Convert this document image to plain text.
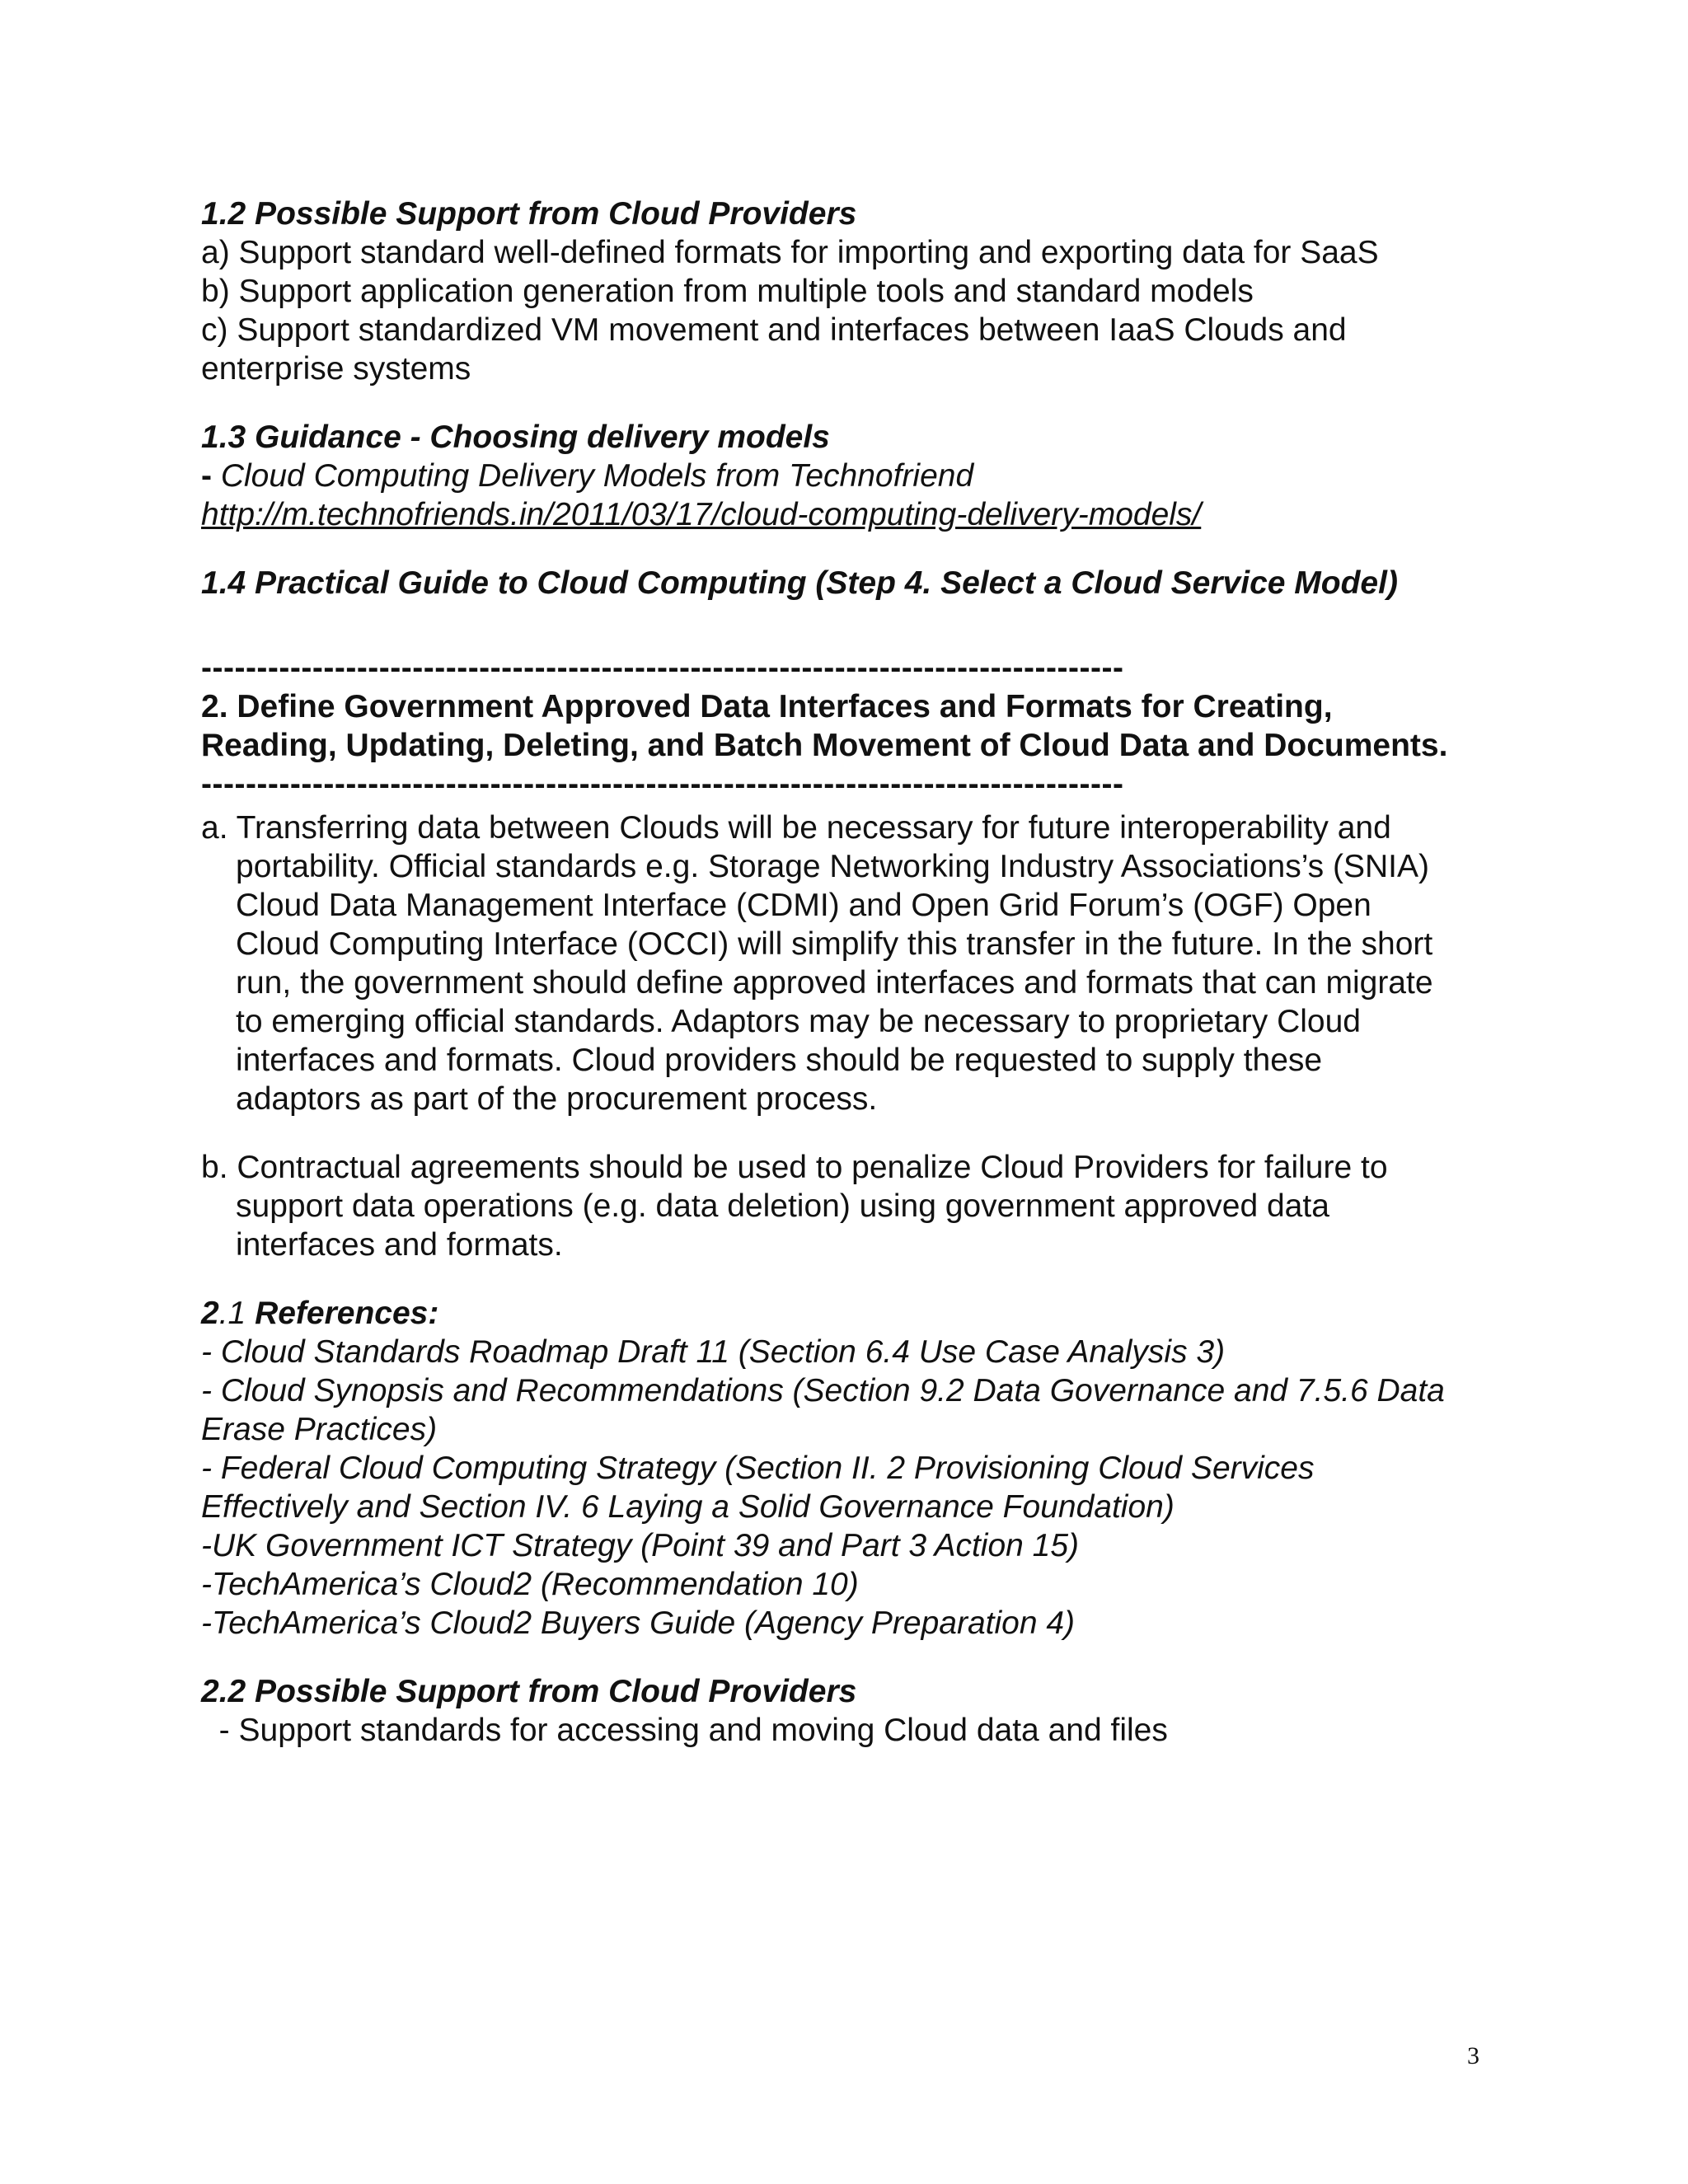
1.2 Possible Support from Cloud Providers
a) Support standard well-defined formats for importing and exporting data for SaaS
b) Support application generation from multiple tools and standard models
c) Support standardized VM movement and interfaces between IaaS Clouds and
enterprise systems
1.3 Guidance - Choosing delivery models
- Cloud Computing Delivery Models from Technofriend
http://m.technofriends.in/2011/03/17/cloud-computing-delivery-models/
1.4 Practical Guide to Cloud Computing (Step 4. Select a Cloud Service Model)
-----------------------------------------------------------------------------------
2. Define Government Approved Data Interfaces and Formats for Creating,
Reading, Updating, Deleting, and Batch Movement of Cloud Data and Documents.
-----------------------------------------------------------------------------------
a. Transferring data between Clouds will be necessary for future interoperability and
portability. Official standards e.g. Storage Networking Industry Associations’s (SNIA)
Cloud Data Management Interface (CDMI) and Open Grid Forum’s (OGF) Open
Cloud Computing Interface (OCCI) will simplify this transfer in the future. In the short
run, the government should define approved interfaces and formats that can migrate
to emerging official standards. Adaptors may be necessary to proprietary Cloud
interfaces and formats. Cloud providers should be requested to supply these
adaptors as part of the procurement process.
b. Contractual agreements should be used to penalize Cloud Providers for failure to
support data operations (e.g. data deletion) using government approved data
interfaces and formats.
2.1 References:
- Cloud Standards Roadmap Draft 11 (Section 6.4 Use Case Analysis 3)
- Cloud Synopsis and Recommendations (Section 9.2 Data Governance and 7.5.6 Data
Erase Practices)
- Federal Cloud Computing Strategy (Section II. 2 Provisioning Cloud Services
Effectively and Section IV. 6 Laying a Solid Governance Foundation)
-UK Government ICT Strategy (Point 39 and Part 3 Action 15)
-TechAmerica’s Cloud2 (Recommendation 10)
-TechAmerica’s Cloud2 Buyers Guide (Agency Preparation 4)
2.2 Possible Support from Cloud Providers
- Support standards for accessing and moving Cloud data and files
3
